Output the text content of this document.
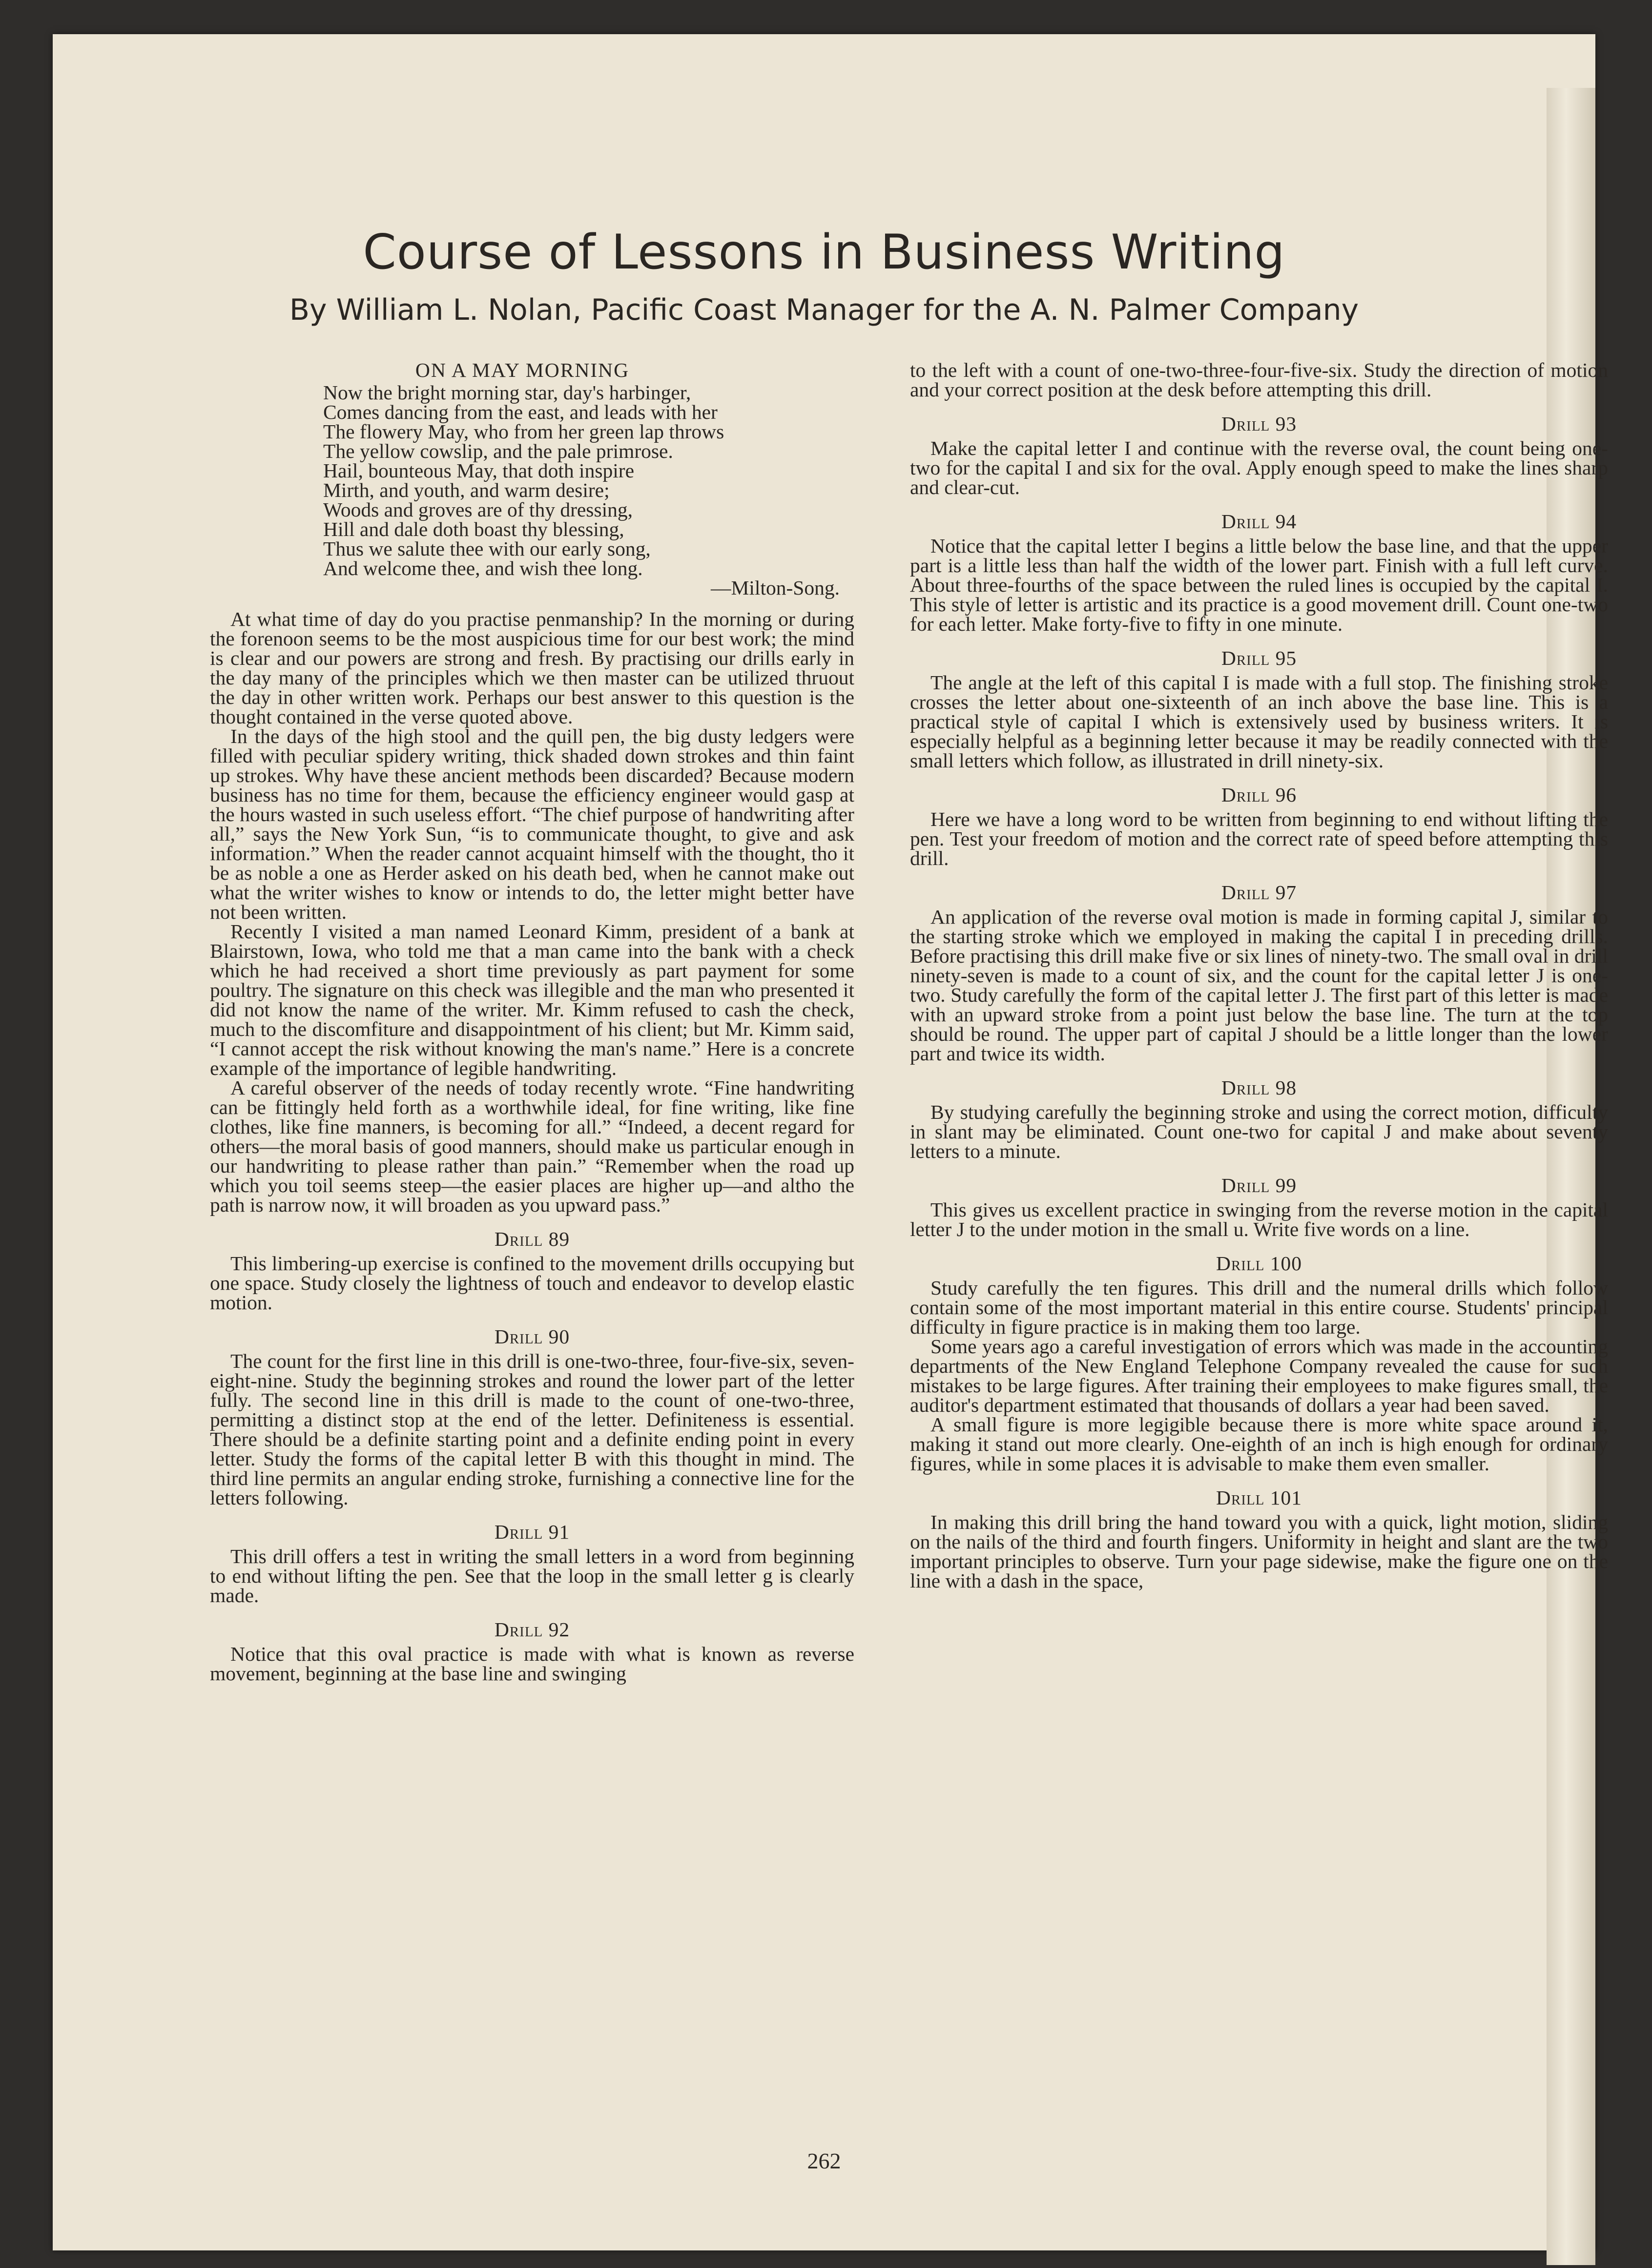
Course of Lessons in Business Writing

By William L. Nolan, Pacific Coast Manager for the A. N. Palmer Company

ON A MAY MORNING

Now the bright morning star, day's harbinger,

Comes dancing from the east, and leads with her

The flowery May, who from her green lap throws

The yellow cowslip, and the pale primrose.

Hail, bounteous May, that doth inspire

Mirth, and youth, and warm desire;

Woods and groves are of thy dressing,

Hill and dale doth boast thy blessing,

Thus we salute thee with our early song,

And welcome thee, and wish thee long.

—Milton-Song.

At what time of day do you practise penmanship? In the morning or during the forenoon seems to be the most auspicious time for our best work; the mind is clear and our powers are strong and fresh. By practising our drills early in the day many of the principles which we then master can be utilized thruout the day in other written work. Perhaps our best answer to this question is the thought contained in the verse quoted above.

In the days of the high stool and the quill pen, the big dusty ledgers were filled with peculiar spidery writing, thick shaded down strokes and thin faint up strokes. Why have these ancient methods been discarded? Because modern business has no time for them, because the efficiency engineer would gasp at the hours wasted in such useless effort. “The chief purpose of handwriting after all,” says the New York Sun, “is to communicate thought, to give and ask information.” When the reader cannot acquaint himself with the thought, tho it be as noble a one as Herder asked on his death bed, when he cannot make out what the writer wishes to know or intends to do, the letter might better have not been written.

Recently I visited a man named Leonard Kimm, president of a bank at Blairstown, Iowa, who told me that a man came into the bank with a check which he had received a short time previously as part payment for some poultry. The signature on this check was illegible and the man who presented it did not know the name of the writer. Mr. Kimm refused to cash the check, much to the discomfiture and disappointment of his client; but Mr. Kimm said, “I cannot accept the risk without knowing the man's name.” Here is a concrete example of the importance of legible handwriting.

A careful observer of the needs of today recently wrote. “Fine handwriting can be fittingly held forth as a worthwhile ideal, for fine writing, like fine clothes, like fine manners, is becoming for all.” “Indeed, a decent regard for others—the moral basis of good manners, should make us particular enough in our handwriting to please rather than pain.” “Remember when the road up which you toil seems steep—the easier places are higher up—and altho the path is narrow now, it will broaden as you upward pass.”

Drill 89

This limbering-up exercise is confined to the movement drills occupying but one space. Study closely the lightness of touch and endeavor to develop elastic motion.

Drill 90

The count for the first line in this drill is one-two-three, four-five-six, seven-eight-nine. Study the beginning strokes and round the lower part of the letter fully. The second line in this drill is made to the count of one-two-three, permitting a distinct stop at the end of the letter. Definiteness is essential. There should be a definite starting point and a definite ending point in every letter. Study the forms of the capital letter B with this thought in mind. The third line permits an angular ending stroke, furnishing a connective line for the letters following.

Drill 91

This drill offers a test in writing the small letters in a word from beginning to end without lifting the pen. See that the loop in the small letter g is clearly made.

Drill 92

Notice that this oval practice is made with what is known as reverse movement, beginning at the base line and swinging

to the left with a count of one-two-three-four-five-six. Study the direction of motion and your correct position at the desk before attempting this drill.

Drill 93

Make the capital letter I and continue with the reverse oval, the count being one-two for the capital I and six for the oval. Apply enough speed to make the lines sharp and clear-cut.

Drill 94

Notice that the capital letter I begins a little below the base line, and that the upper part is a little less than half the width of the lower part. Finish with a full left curve. About three-fourths of the space between the ruled lines is occupied by the capital I. This style of letter is artistic and its practice is a good movement drill. Count one-two for each letter. Make forty-five to fifty in one minute.

Drill 95

The angle at the left of this capital I is made with a full stop. The finishing stroke crosses the letter about one-sixteenth of an inch above the base line. This is a practical style of capital I which is extensively used by business writers. It is especially helpful as a beginning letter because it may be readily connected with the small letters which follow, as illustrated in drill ninety-six.

Drill 96

Here we have a long word to be written from beginning to end without lifting the pen. Test your freedom of motion and the correct rate of speed before attempting this drill.

Drill 97

An application of the reverse oval motion is made in forming capital J, similar to the starting stroke which we employed in making the capital I in preceding drills. Before practising this drill make five or six lines of ninety-two. The small oval in drill ninety-seven is made to a count of six, and the count for the capital letter J is one-two. Study carefully the form of the capital letter J. The first part of this letter is made with an upward stroke from a point just below the base line. The turn at the top should be round. The upper part of capital J should be a little longer than the lower part and twice its width.

Drill 98

By studying carefully the beginning stroke and using the correct motion, difficulty in slant may be eliminated. Count one-two for capital J and make about seventy letters to a minute.

Drill 99

This gives us excellent practice in swinging from the reverse motion in the capital letter J to the under motion in the small u. Write five words on a line.

Drill 100

Study carefully the ten figures. This drill and the numeral drills which follow contain some of the most important material in this entire course. Students' principal difficulty in figure practice is in making them too large.

Some years ago a careful investigation of errors which was made in the accounting departments of the New England Telephone Company revealed the cause for such mistakes to be large figures. After training their employees to make figures small, the auditor's department estimated that thousands of dollars a year had been saved.

A small figure is more legigible because there is more white space around it, making it stand out more clearly. One-eighth of an inch is high enough for ordinary figures, while in some places it is advisable to make them even smaller.

Drill 101

In making this drill bring the hand toward you with a quick, light motion, sliding on the nails of the third and fourth fingers. Uniformity in height and slant are the two important principles to observe. Turn your page sidewise, make the figure one on the line with a dash in the space,

262
